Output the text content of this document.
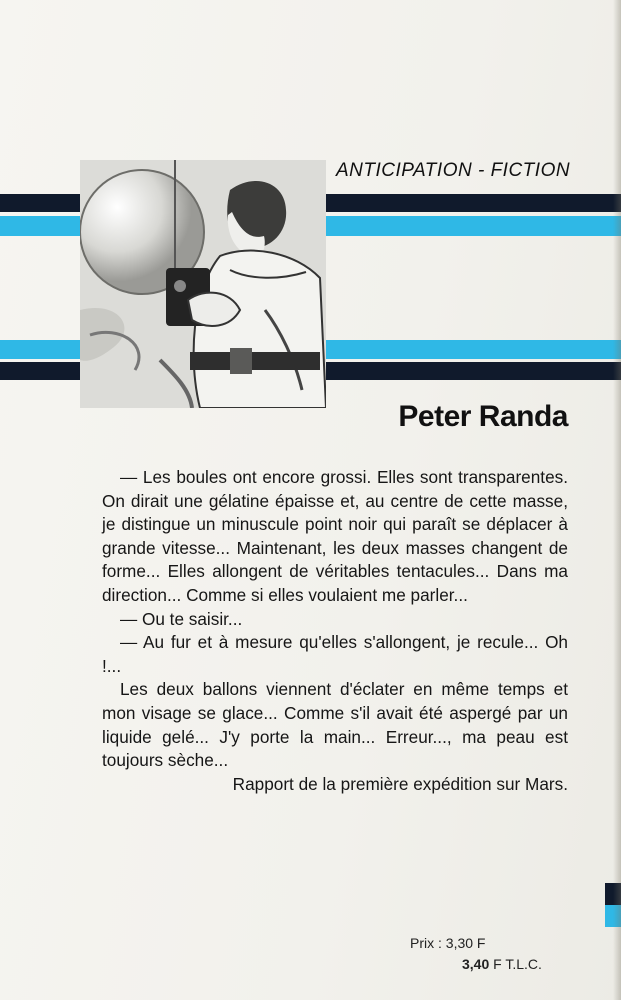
ANTICIPATION - FICTION
Peter Randa
— Les boules ont encore grossi. Elles sont transparentes. On dirait une gélatine épaisse et, au centre de cette masse, je distingue un minuscule point noir qui paraît se déplacer à grande vitesse... Maintenant, les deux masses changent de forme... Elles allongent de véritables tentacules... Dans ma direction... Comme si elles voulaient me parler...
— Ou te saisir...
— Au fur et à mesure qu'elles s'allongent, je recule... Oh !...
Les deux ballons viennent d'éclater en même temps et mon visage se glace... Comme s'il avait été aspergé par un liquide gelé... J'y porte la main... Erreur..., ma peau est toujours sèche...
Rapport de la première expédition sur Mars.
Prix : 3,30 F
3,40 F T.L.C.
